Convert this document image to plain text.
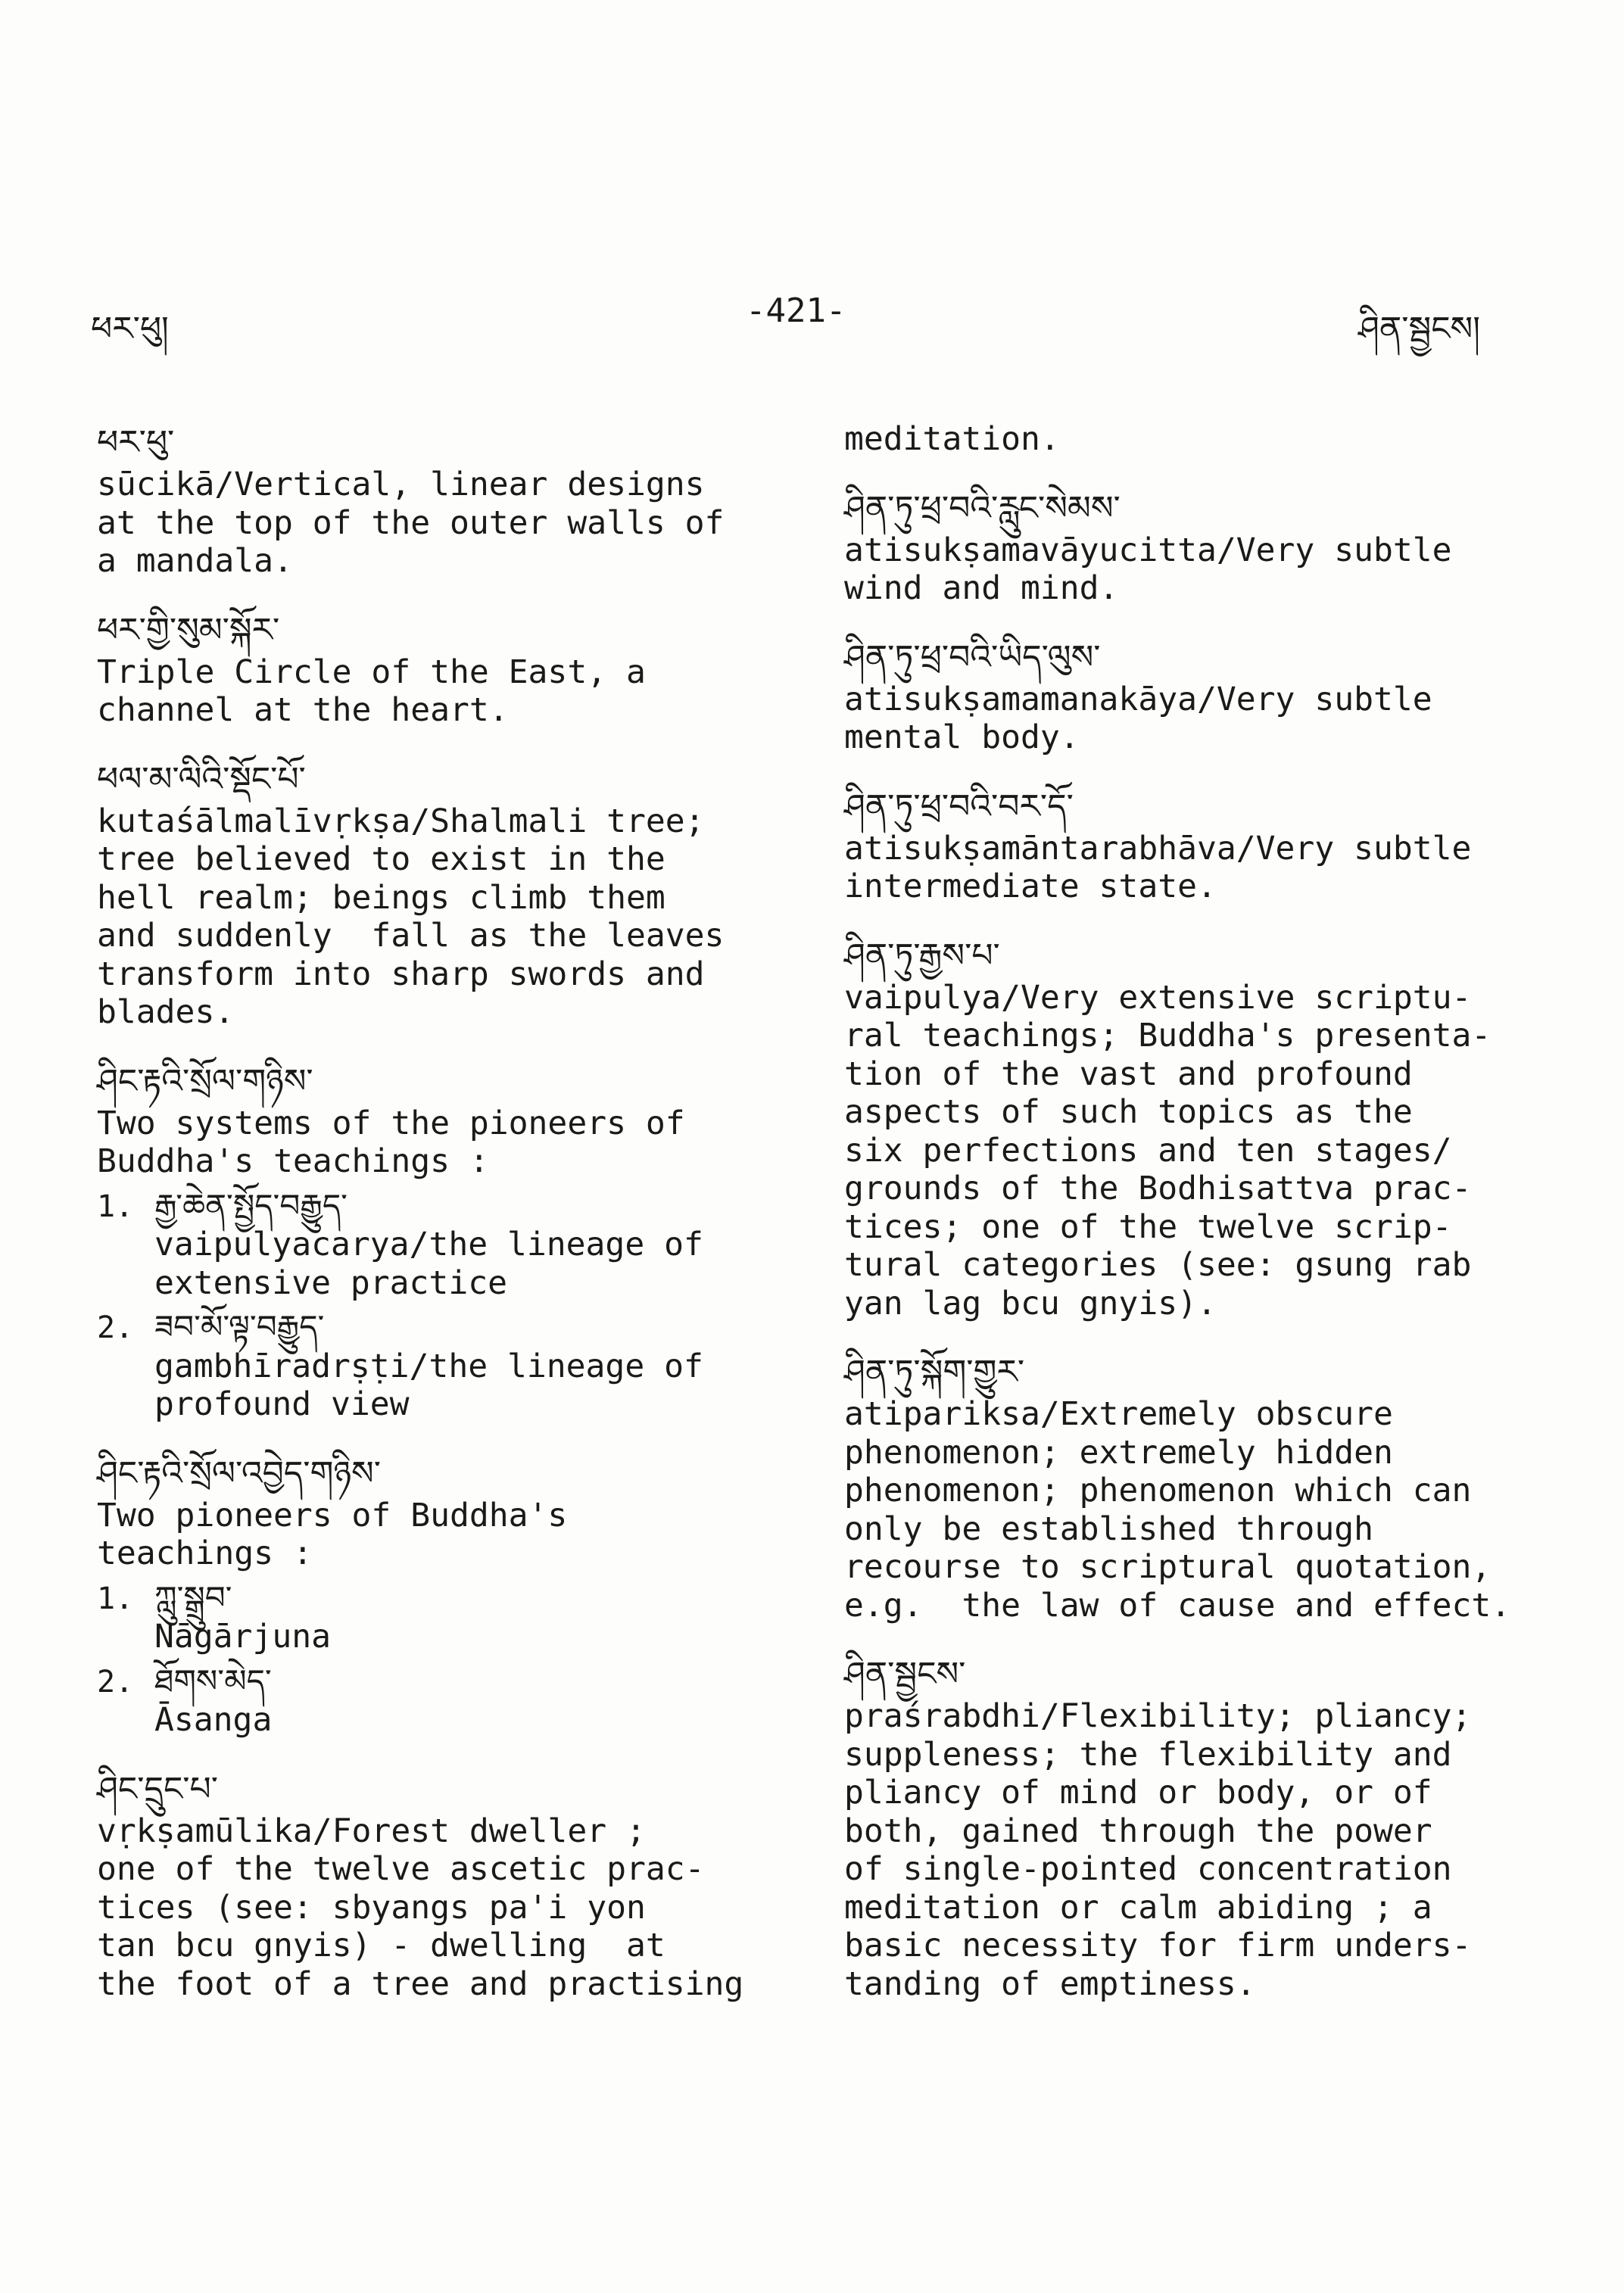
ཕར་ཕུ།	-421-	ཤིན་སྦྱངས།
ཕར་ཕུ་
sūcikā/Vertical, linear designs
at the top of the outer walls of
a mandala.
ཕར་གྱི་སུམ་སྐོར་
Triple Circle of the East, a
channel at the heart.
ཕལ་མ་ལིའི་སྡོང་པོ་
kutaśālmalīvṛkṣa/Shalmali tree;
tree believed to exist in the
hell realm; beings climb them
and suddenly  fall as the leaves
transform into sharp swords and
blades.
ཤིང་རྟའི་སྲོལ་གཉིས་
Two systems of the pioneers of
Buddha's teachings :
1. རྒྱ་ཆེན་སྤྱོད་བརྒྱུད་
vaipulyacarya/the lineage of
extensive practice
2. ཟབ་མོ་ལྟ་བརྒྱུད་
gambhīradrṣṭi/the lineage of
profound view
ཤིང་རྟའི་སྲོལ་འབྱེད་གཉིས་
Two pioneers of Buddha's
teachings :
1. ཀླུ་སྒྲུབ་
Nāgārjuna
2. ཐོགས་མེད་
Āsanga
ཤིང་དྲུང་པ་
vṛkṣamūlika/Forest dweller ;
one of the twelve ascetic prac-
tices (see: sbyangs pa'i yon
tan bcu gnyis) - dwelling  at
the foot of a tree and practising
meditation.
ཤིན་ཏུ་ཕྲ་བའི་རླུང་སེམས་
atisukṣamavāyucitta/Very subtle
wind and mind.
ཤིན་ཏུ་ཕྲ་བའི་ཡིད་ལུས་
atisukṣamamanakāya/Very subtle
mental body.
ཤིན་ཏུ་ཕྲ་བའི་བར་དོ་
atisukṣamāntarabhāva/Very subtle
intermediate state.
ཤིན་ཏུ་རྒྱས་པ་
vaipulya/Very extensive scriptu-
ral teachings; Buddha's presenta-
tion of the vast and profound
aspects of such topics as the
six perfections and ten stages/
grounds of the Bodhisattva prac-
tices; one of the twelve scrip-
tural categories (see: gsung rab
yan lag bcu gnyis).
ཤིན་ཏུ་སྐོག་གྱུར་
atipariksa/Extremely obscure
phenomenon; extremely hidden
phenomenon; phenomenon which can
only be established through
recourse to scriptural quotation,
e.g.  the law of cause and effect.
ཤིན་སྦྱངས་
praśrabdhi/Flexibility; pliancy;
suppleness; the flexibility and
pliancy of mind or body, or of
both, gained through the power
of single-pointed concentration
meditation or calm abiding ; a
basic necessity for firm unders-
tanding of emptiness.
